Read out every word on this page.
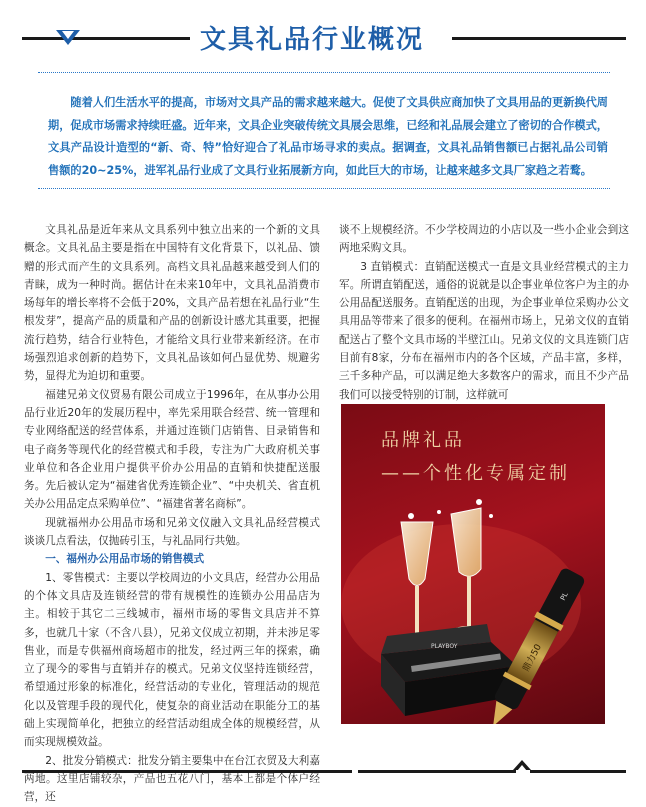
文具礼品行业概况
随着人们生活水平的提高，市场对文具产品的需求越来越大。促使了文具供应商加快了文具用品的更新换代周期，促成市场需求持续旺盛。近年来，文具企业突破传统文具展会思维，已经和礼品展会建立了密切的合作模式，文具产品设计造型的“新、奇、特”恰好迎合了礼品市场寻求的卖点。据调查，文具礼品销售额已占据礼品公司销售额的20~25%，进军礼品行业成了文具行业拓展新方向，如此巨大的市场，让越来越多文具厂家趋之若鹜。

文具礼品是近年来从文具系列中独立出来的一个新的文具概念。文具礼品主要是指在中国特有文化背景下，以礼品、馈赠的形式而产生的文具系列。高档文具礼品越来越受到人们的青睐，成为一种时尚。据估计在未来10年中，文具礼品消费市场每年的增长率将不会低于20%，文具产品若想在礼品行业“生根发芽”，提高产品的质量和产品的创新设计感尤其重要，把握流行趋势，结合行业特色，才能给文具行业带来新经济。在市场强烈追求创新的趋势下，文具礼品该如何凸显优势、规避劣势，显得尤为迫切和重要。

福建兄弟文仪贸易有限公司成立于1996年，在从事办公用品行业近20年的发展历程中，率先采用联合经营、统一管理和专业网络配送的经营体系，并通过连锁门店销售、目录销售和电子商务等现代化的经营模式和手段，专注为广大政府机关事业单位和各企业用户提供平价办公用品的直销和快捷配送服务。先后被认定为“福建省优秀连锁企业”、“中央机关、省直机关办公用品定点采购单位”、“福建省著名商标”。

现就福州办公用品市场和兄弟文仪融入文具礼品经营模式谈谈几点看法，仅抛砖引玉，与礼品同行共勉。

一、福州办公用品市场的销售模式

1、零售模式：主要以学校周边的小文具店，经营办公用品的个体文具店及连锁经营的带有规模性的连锁办公用品店为主。相较于其它二三线城市，福州市场的零售文具店并不算多，也就几十家（不含八县），兄弟文仪成立初期，并未涉足零售业，而是专供福州商场超市的批发，经过两三年的探索，确立了现今的零售与直销并存的模式。兄弟文仪坚持连锁经营，希望通过形象的标准化，经营活动的专业化，管理活动的规范化以及管理手段的现代化，使复杂的商业活动在职能分工的基础上实现简单化，把独立的经营活动组成全体的规模经营，从而实现规模效益。

2、批发分销模式：批发分销主要集中在台江衣贸及大利嘉两地。这里店铺较杂，产品也五花八门，基本上都是个体户经营，还

谈不上规模经济。不少学校周边的小店以及一些小企业会到这两地采购文具。

3 直销模式：直销配送模式一直是文具业经营模式的主力军。所谓直销配送，通俗的说就是以企事业单位客户为主的办公用品配送服务。直销配送的出现，为企事业单位采购办公文具用品等带来了很多的便利。在福州市场上，兄弟文仪的直销配送占了整个文具市场的半壁江山。兄弟文仪的文具连锁门店目前有8家，分布在福州市内的各个区域，产品丰富，多样，三千多种产品，可以满足绝大多数客户的需求，而且不少产品我们可以接受特别的订制，这样就可

PLAYBOY	鼎力50
PL
品牌礼品
——个性化专属定制
